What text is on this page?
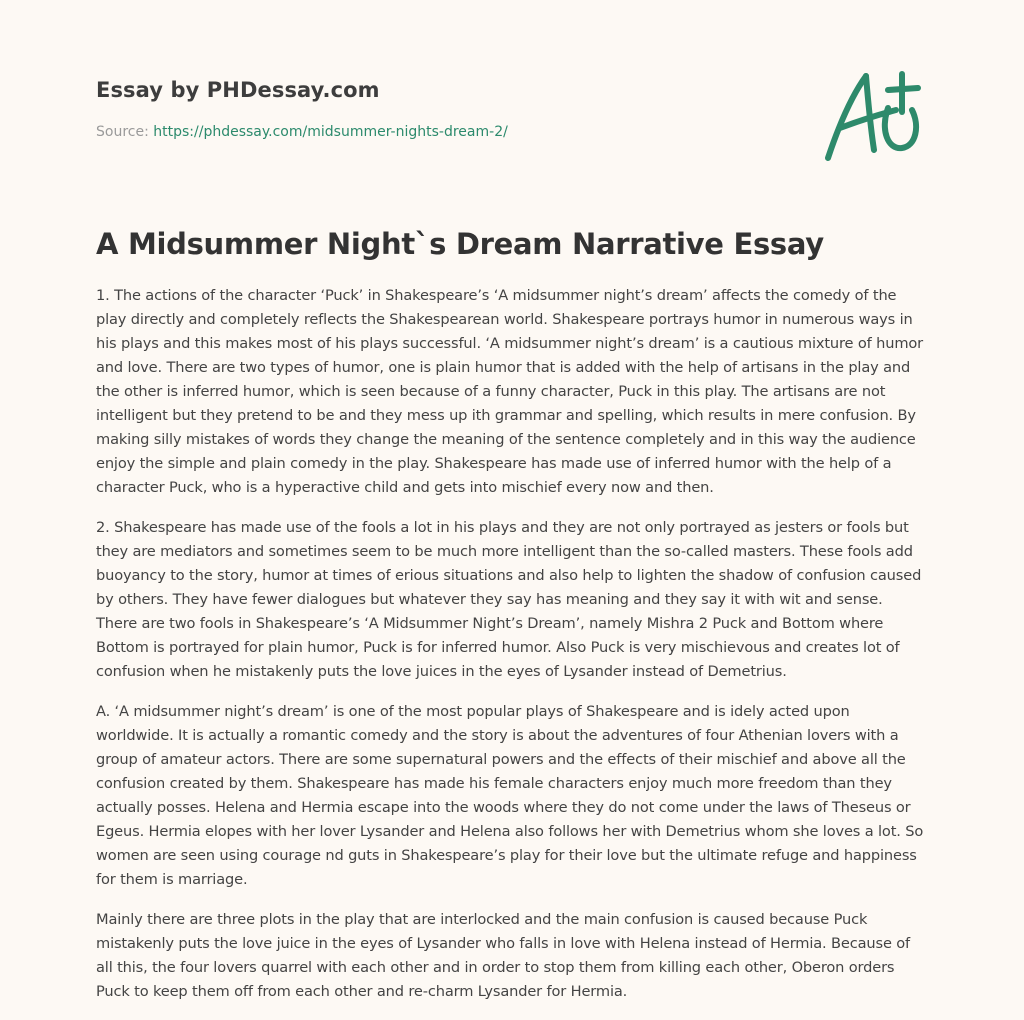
Essay by PHDessay.com
Source: https://phdessay.com/midsummer-nights-dream-2/
A Midsummer Night`s Dream Narrative Essay

1. The actions of the character ‘Puck’ in Shakespeare’s ‘A midsummer night’s dream’ affects the comedy of the play directly and completely reflects the Shakespearean world. Shakespeare portrays humor in numerous ways in his plays and this makes most of his plays successful. ‘A midsummer night’s dream’ is a cautious mixture of humor and love. There are two types of humor, one is plain humor that is added with the help of artisans in the play and the other is inferred humor, which is seen because of a funny character, Puck in this play. The artisans are not intelligent but they pretend to be and they mess up ith grammar and spelling, which results in mere confusion. By making silly mistakes of words they change the meaning of the sentence completely and in this way the audience enjoy the simple and plain comedy in the play. Shakespeare has made use of inferred humor with the help of a character Puck, who is a hyperactive child and gets into mischief every now and then.

2. Shakespeare has made use of the fools a lot in his plays and they are not only portrayed as jesters or fools but they are mediators and sometimes seem to be much more intelligent than the so-called masters. These fools add buoyancy to the story, humor at times of erious situations and also help to lighten the shadow of confusion caused by others. They have fewer dialogues but whatever they say has meaning and they say it with wit and sense. There are two fools in Shakespeare’s ‘A Midsummer Night’s Dream’, namely Mishra 2 Puck and Bottom where Bottom is portrayed for plain humor, Puck is for inferred humor. Also Puck is very mischievous and creates lot of confusion when he mistakenly puts the love juices in the eyes of Lysander instead of Demetrius.

A. ‘A midsummer night’s dream’ is one of the most popular plays of Shakespeare and is idely acted upon worldwide. It is actually a romantic comedy and the story is about the adventures of four Athenian lovers with a group of amateur actors. There are some supernatural powers and the effects of their mischief and above all the confusion created by them. Shakespeare has made his female characters enjoy much more freedom than they actually posses. Helena and Hermia escape into the woods where they do not come under the laws of Theseus or Egeus. Hermia elopes with her lover Lysander and Helena also follows her with Demetrius whom she loves a lot. So women are seen using courage nd guts in Shakespeare’s play for their love but the ultimate refuge and happiness for them is marriage.

Mainly there are three plots in the play that are interlocked and the main confusion is caused because Puck mistakenly puts the love juice in the eyes of Lysander who falls in love with Helena instead of Hermia. Because of all this, the four lovers quarrel with each other and in order to stop them from killing each other, Oberon orders Puck to keep them off from each other and re-charm Lysander for Hermia.
